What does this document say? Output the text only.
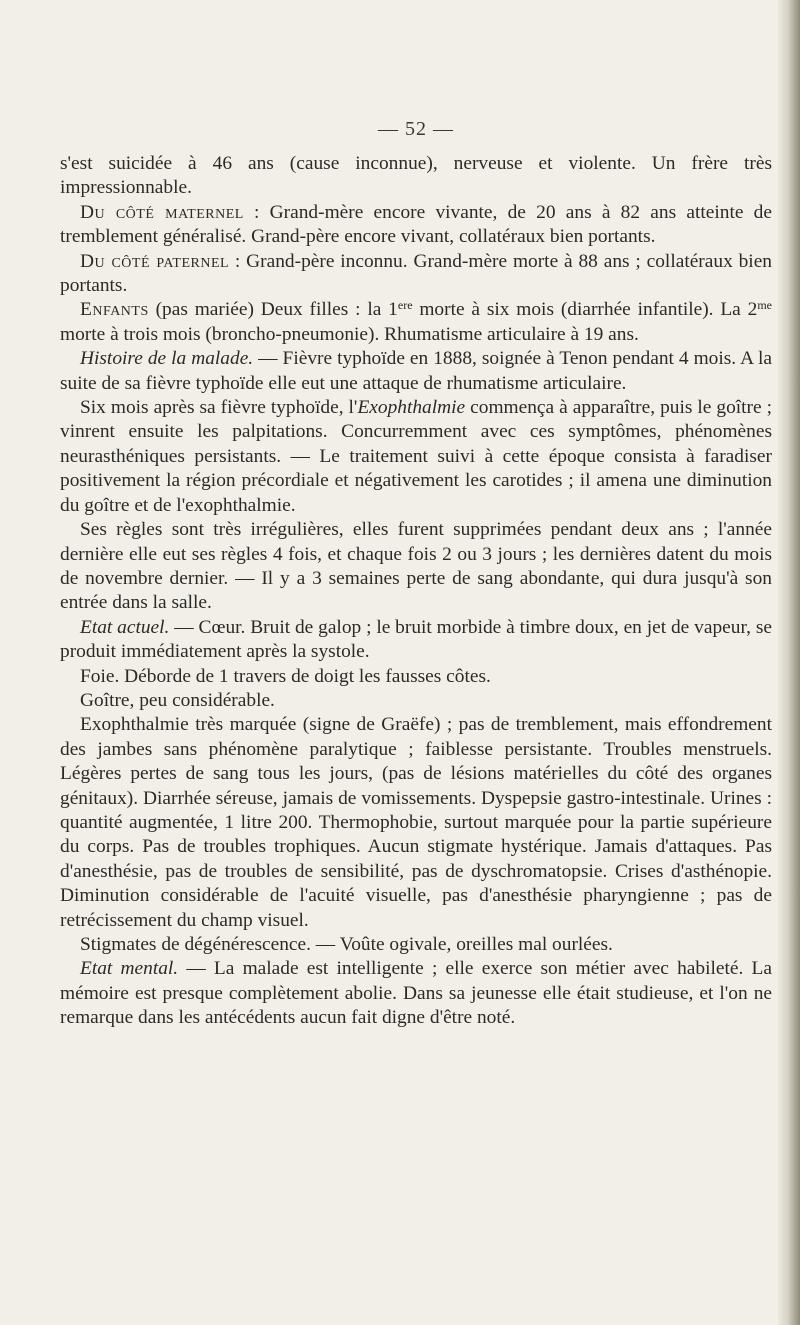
— 52 —

s'est suicidée à 46 ans (cause inconnue), nerveuse et violente. Un frère très impressionnable.

Du côté maternel : Grand-mère encore vivante, de 20 ans à 82 ans atteinte de tremblement généralisé. Grand-père encore vivant, collatéraux bien portants.

Du côté paternel : Grand-père inconnu. Grand-mère morte à 88 ans ; collatéraux bien portants.

Enfants (pas mariée) Deux filles : la 1ere morte à six mois (diarrhée infantile). La $2^{me}$ morte à trois mois (broncho-pneumonie). Rhumatisme articulaire à 19 ans.

Histoire de la malade. — Fièvre typhoïde en 1888, soignée à Tenon pendant 4 mois. A la suite de sa fièvre typhoïde elle eut une attaque de rhumatisme articulaire.

Six mois après sa fièvre typhoïde, l'Exophthalmie commença à apparaître, puis le goître ; vinrent ensuite les palpitations. Concurremment avec ces symptômes, phénomènes neurasthéniques persistants. — Le traitement suivi à cette époque consista à faradiser positivement la région précordiale et négativement les carotides ; il amena une diminution du goître et de l'exophthalmie.

Ses règles sont très irrégulières, elles furent supprimées pendant deux ans ; l'année dernière elle eut ses règles 4 fois, et chaque fois 2 ou 3 jours ; les dernières datent du mois de novembre dernier. — Il y a 3 semaines perte de sang abondante, qui dura jusqu'à son entrée dans la salle.

Etat actuel. — Cœur. Bruit de galop ; le bruit morbide à timbre doux, en jet de vapeur, se produit immédiatement après la systole.

Foie. Déborde de 1 travers de doigt les fausses côtes.

Goître, peu considérable.

Exophthalmie très marquée (signe de Graëfe) ; pas de tremblement, mais effondrement des jambes sans phénomène paralytique ; faiblesse persistante. Troubles menstruels. Légères pertes de sang tous les jours, (pas de lésions matérielles du côté des organes génitaux). Diarrhée séreuse, jamais de vomissements. Dyspepsie gastro-intestinale. Urines : quantité augmentée, 1 litre 200. Thermophobie, surtout marquée pour la partie supérieure du corps. Pas de troubles trophiques. Aucun stigmate hystérique. Jamais d'attaques. Pas d'anesthésie, pas de troubles de sensibilité, pas de dyschromatopsie. Crises d'asthénopie. Diminution considérable de l'acuité visuelle, pas d'anesthésie pharyngienne ; pas de retrécissement du champ visuel.

Stigmates de dégénérescence. — Voûte ogivale, oreilles mal ourlées.

Etat mental. — La malade est intelligente ; elle exerce son métier avec habileté. La mémoire est presque complètement abolie. Dans sa jeunesse elle était studieuse, et l'on ne remarque dans les antécédents aucun fait digne d'être noté.
